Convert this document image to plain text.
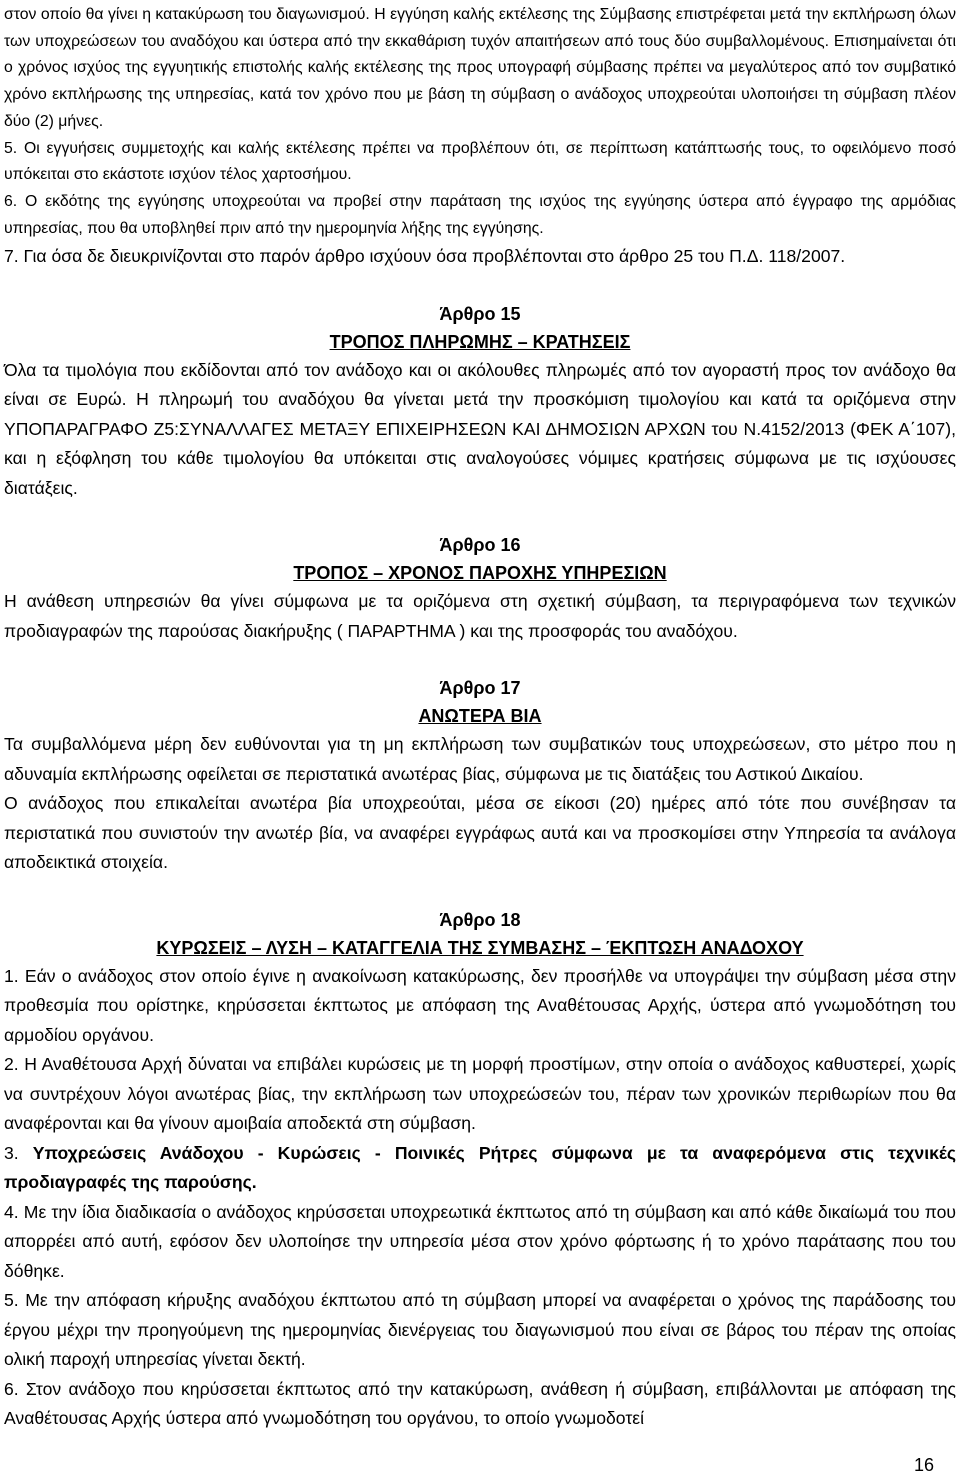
στον οποίο θα γίνει η κατακύρωση του διαγωνισμού. Η εγγύηση καλής εκτέλεσης της Σύμβασης επιστρέφεται μετά την εκπλήρωση όλων των υποχρεώσεων του αναδόχου και ύστερα από την εκκαθάριση τυχόν απαιτήσεων από τους δύο συμβαλλομένους. Επισημαίνεται ότι ο χρόνος ισχύος της εγγυητικής επιστολής καλής εκτέλεσης της προς υπογραφή σύμβασης πρέπει να μεγαλύτερος από τον συμβατικό χρόνο εκπλήρωσης της υπηρεσίας, κατά τον χρόνο που με βάση τη σύμβαση ο ανάδοχος υποχρεούται υλοποιήσει τη σύμβαση πλέον δύο (2) μήνες.

5. Οι εγγυήσεις συμμετοχής και καλής εκτέλεσης πρέπει να προβλέπουν ότι, σε περίπτωση κατάπτωσής τους, το οφειλόμενο ποσό υπόκειται στο εκάστοτε ισχύον τέλος χαρτοσήμου.

6. Ο εκδότης της εγγύησης υποχρεούται να προβεί στην παράταση της ισχύος της εγγύησης ύστερα από έγγραφο της αρμόδιας υπηρεσίας, που θα υποβληθεί πριν από την ημερομηνία λήξης της εγγύησης.

7. Για όσα δε διευκρινίζονται στο παρόν άρθρο ισχύουν όσα προβλέπονται στο άρθρο 25 του Π.Δ. 118/2007.

Άρθρο 15
ΤΡΟΠΟΣ ΠΛΗΡΩΜΗΣ – ΚΡΑΤΗΣΕΙΣ

Όλα τα τιμολόγια που εκδίδονται από τον ανάδοχο και οι ακόλουθες πληρωμές από τον αγοραστή προς τον ανάδοχο θα είναι σε Ευρώ. Η πληρωμή του αναδόχου θα γίνεται μετά την προσκόμιση τιμολογίου και κατά τα οριζόμενα στην ΥΠΟΠΑΡΑΓΡΑΦΟ Ζ5:ΣΥΝΑΛΛΑΓΕΣ ΜΕΤΑΞΥ ΕΠΙΧΕΙΡΗΣΕΩΝ ΚΑΙ ΔΗΜΟΣΙΩΝ ΑΡΧΩΝ του Ν.4152/2013 (ΦΕΚ Α΄107), και η εξόφληση του κάθε τιμολογίου θα υπόκειται στις αναλογούσες νόμιμες κρατήσεις σύμφωνα με τις ισχύουσες διατάξεις.

Άρθρο 16
ΤΡΟΠΟΣ – ΧΡΟΝΟΣ ΠΑΡΟΧΗΣ ΥΠΗΡΕΣΙΩΝ

Η ανάθεση υπηρεσιών θα γίνει σύμφωνα με τα οριζόμενα στη σχετική σύμβαση, τα περιγραφόμενα των τεχνικών προδιαγραφών της παρούσας διακήρυξης ( ΠΑΡΑΡΤΗΜΑ ) και της προσφοράς του αναδόχου.

Άρθρο 17
ΑΝΩΤΕΡΑ ΒΙΑ

Τα συμβαλλόμενα μέρη δεν ευθύνονται για τη μη εκπλήρωση των συμβατικών τους υποχρεώσεων, στο μέτρο που η αδυναμία εκπλήρωσης οφείλεται σε περιστατικά ανωτέρας βίας, σύμφωνα με τις διατάξεις του Αστικού Δικαίου.

Ο ανάδοχος που επικαλείται ανωτέρα βία υποχρεούται, μέσα σε είκοσι (20) ημέρες από τότε που συνέβησαν τα περιστατικά που συνιστούν την ανωτέρ βία, να αναφέρει εγγράφως αυτά και να προσκομίσει στην Υπηρεσία τα ανάλογα αποδεικτικά στοιχεία.

Άρθρο 18
ΚΥΡΩΣΕΙΣ – ΛΥΣΗ – ΚΑΤΑΓΓΕΛΙΑ ΤΗΣ ΣΥΜΒΑΣΗΣ – ΈΚΠΤΩΣΗ ΑΝΑΔΟΧΟΥ

1. Εάν ο ανάδοχος στον οποίο έγινε η ανακοίνωση κατακύρωσης, δεν προσήλθε να υπογράψει την σύμβαση μέσα στην προθεσμία που ορίστηκε, κηρύσσεται έκπτωτος με απόφαση της Αναθέτουσας Αρχής, ύστερα από γνωμοδότηση του αρμοδίου οργάνου.

2. Η Αναθέτουσα Αρχή δύναται να επιβάλει κυρώσεις με τη μορφή προστίμων, στην οποία ο ανάδοχος καθυστερεί, χωρίς να συντρέχουν λόγοι ανωτέρας βίας, την εκπλήρωση των υποχρεώσεών του, πέραν των χρονικών περιθωρίων που θα αναφέρονται και θα γίνουν αμοιβαία αποδεκτά στη σύμβαση.

3. Υποχρεώσεις Ανάδοχου - Κυρώσεις - Ποινικές Ρήτρες σύμφωνα με τα αναφερόμενα στις τεχνικές προδιαγραφές της παρούσης.

4. Με την ίδια διαδικασία ο ανάδοχος κηρύσσεται υποχρεωτικά έκπτωτος από τη σύμβαση και από κάθε δικαίωμά του που απορρέει από αυτή, εφόσον δεν υλοποίησε την υπηρεσία μέσα στον χρόνο φόρτωσης ή το χρόνο παράτασης που του δόθηκε.

5. Με την απόφαση κήρυξης αναδόχου έκπτωτου από τη σύμβαση μπορεί να αναφέρεται ο χρόνος της παράδοσης του έργου μέχρι την προηγούμενη της ημερομηνίας διενέργειας του διαγωνισμού που είναι σε βάρος του πέραν της οποίας ολική παροχή υπηρεσίας γίνεται δεκτή.

6. Στον ανάδοχο που κηρύσσεται έκπτωτος από την κατακύρωση, ανάθεση ή σύμβαση, επιβάλλονται με απόφαση της Αναθέτουσας Αρχής ύστερα από γνωμοδότηση του οργάνου, το οποίο γνωμοδοτεί

16
